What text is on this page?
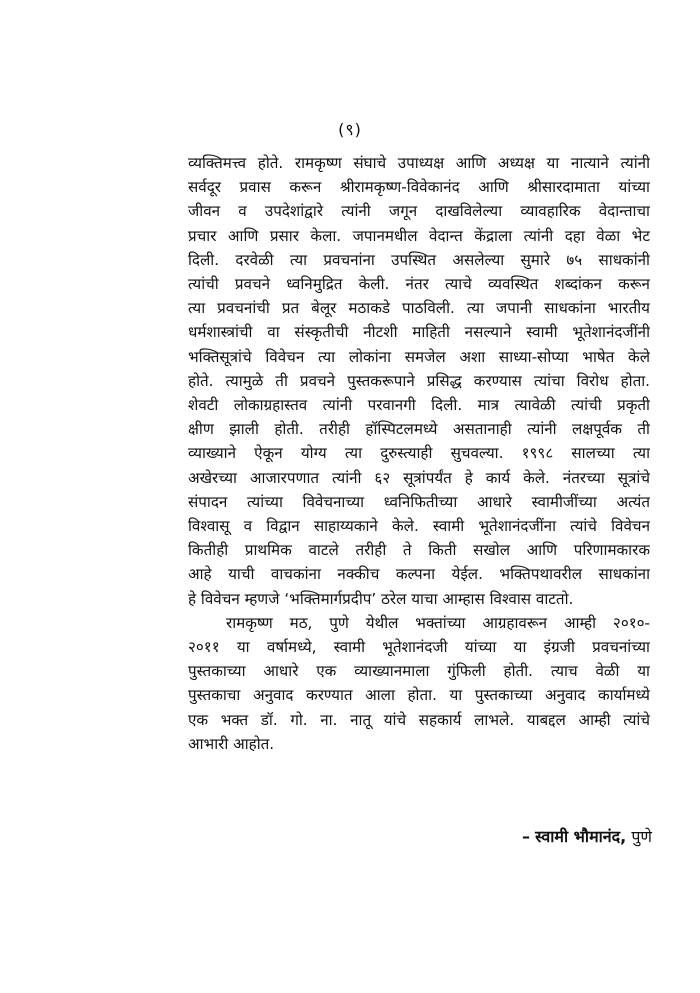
(९)
व्यक्तिमत्त्व होते. रामकृष्ण संघाचे उपाध्यक्ष आणि अध्यक्ष या नात्याने त्यांनी
सर्वदूर प्रवास करून श्रीरामकृष्ण-विवेकानंद आणि श्रीसारदामाता यांच्या
जीवन व उपदेशांद्वारे त्यांनी जगून दाखविलेल्या व्यावहारिक वेदान्ताचा
प्रचार आणि प्रसार केला. जपानमधील वेदान्त केंद्राला त्यांनी दहा वेळा भेट
दिली. दरवेळी त्या प्रवचनांना उपस्थित असलेल्या सुमारे ७५ साधकांनी
त्यांची प्रवचने ध्वनिमुद्रित केली. नंतर त्याचे व्यवस्थित शब्दांकन करून
त्या प्रवचनांची प्रत बेलूर मठाकडे पाठविली. त्या जपानी साधकांना भारतीय
धर्मशास्त्रांची वा संस्कृतीची नीटशी माहिती नसल्याने स्वामी भूतेशानंदजींनी
भक्तिसूत्रांचे विवेचन त्या लोकांना समजेल अशा साध्या-सोप्या भाषेत केले
होते. त्यामुळे ती प्रवचने पुस्तकरूपाने प्रसिद्ध करण्यास त्यांचा विरोध होता.
शेवटी लोकाग्रहास्तव त्यांनी परवानगी दिली. मात्र त्यावेळी त्यांची प्रकृती
क्षीण झाली होती. तरीही हॉस्पिटलमध्ये असतानाही त्यांनी लक्षपूर्वक ती
व्याख्याने ऐकून योग्य त्या दुरुस्त्याही सुचवल्या. १९९८ सालच्या त्या
अखेरच्या आजारपणात त्यांनी ६२ सूत्रांपर्यंत हे कार्य केले. नंतरच्या सूत्रांचे
संपादन त्यांच्या विवेचनाच्या ध्वनिफितीच्या आधारे स्वामीजींच्या अत्यंत
विश्वासू व विद्वान साहाय्यकाने केले. स्वामी भूतेशानंदजींना त्यांचे विवेचन
कितीही प्राथमिक वाटले तरीही ते किती सखोल आणि परिणामकारक
आहे याची वाचकांना नक्कीच कल्पना येईल. भक्तिपथावरील साधकांना
हे विवेचन म्हणजे ‘भक्तिमार्गप्रदीप’ ठरेल याचा आम्हास विश्वास वाटतो.
रामकृष्ण मठ, पुणे येथील भक्तांच्या आग्रहावरून आम्ही २०१०-
२०११ या वर्षामध्ये, स्वामी भूतेशानंदजी यांच्या या इंग्रजी प्रवचनांच्या
पुस्तकाच्या आधारे एक व्याख्यानमाला गुंफिली होती. त्याच वेळी या
पुस्तकाचा अनुवाद करण्यात आला होता. या पुस्तकाच्या अनुवाद कार्यामध्ये
एक भक्त डॉ. गो. ना. नातू यांचे सहकार्य लाभले. याबद्दल आम्ही त्यांचे
आभारी आहोत.
– स्वामी भौमानंद, पुणे
